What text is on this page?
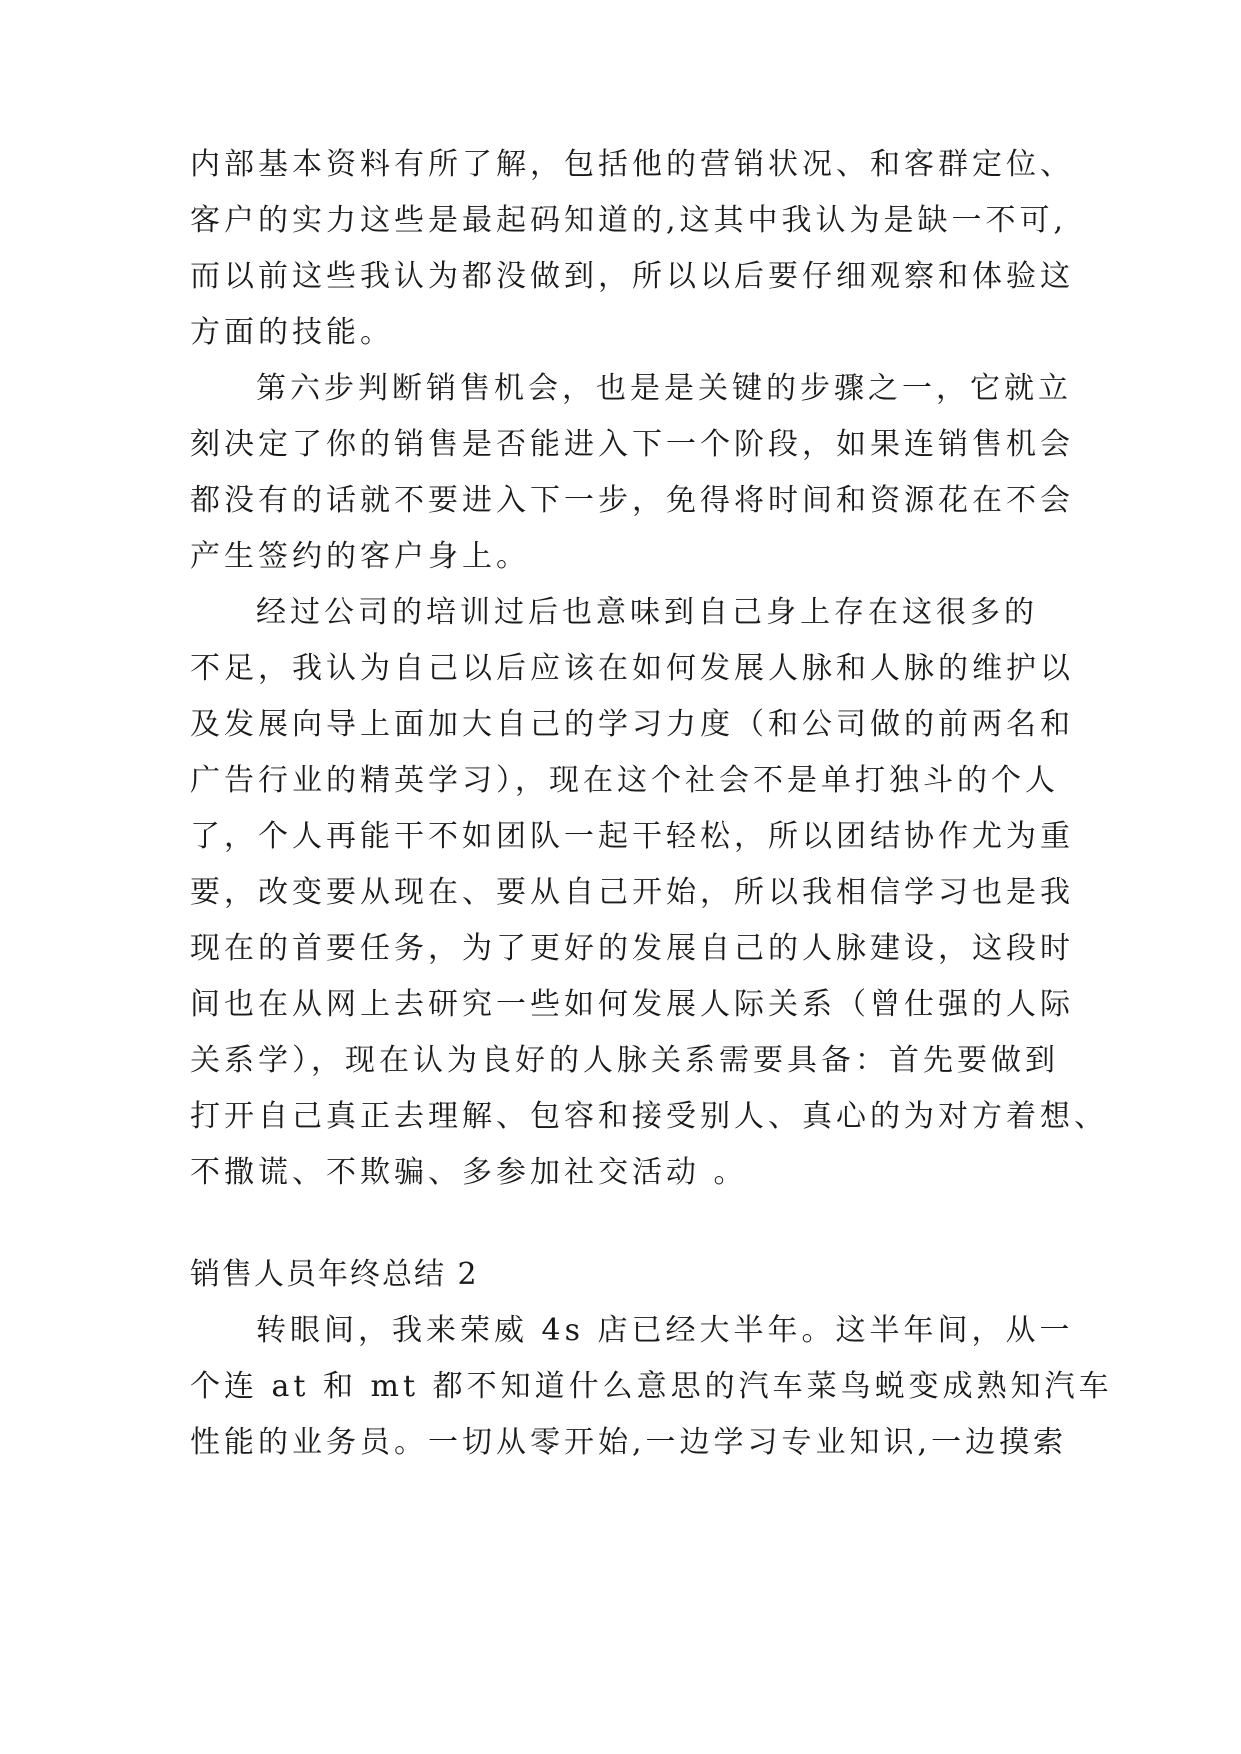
内部基本资料有所了解，包括他的营销状况、和客群定位、
客户的实力这些是最起码知道的,这其中我认为是缺一不可,
而以前这些我认为都没做到，所以以后要仔细观察和体验这
方面的技能。
第六步判断销售机会，也是是关键的步骤之一，它就立
刻决定了你的销售是否能进入下一个阶段，如果连销售机会
都没有的话就不要进入下一步，免得将时间和资源花在不会
产生签约的客户身上。
经过公司的培训过后也意味到自己身上存在这很多的
不足，我认为自己以后应该在如何发展人脉和人脉的维护以
及发展向导上面加大自己的学习力度（和公司做的前两名和
广告行业的精英学习），现在这个社会不是单打独斗的个人
了，个人再能干不如团队一起干轻松，所以团结协作尤为重
要，改变要从现在、要从自己开始，所以我相信学习也是我
现在的首要任务，为了更好的发展自己的人脉建设，这段时
间也在从网上去研究一些如何发展人际关系（曾仕强的人际
关系学），现在认为良好的人脉关系需要具备：首先要做到
打开自己真正去理解、包容和接受别人、真心的为对方着想、
不撒谎、不欺骗、多参加社交活动 。
销售人员年终总结 2
转眼间，我来荣威 4s 店已经大半年。这半年间，从一
个连 at 和 mt 都不知道什么意思的汽车菜鸟蜕变成熟知汽车
性能的业务员。一切从零开始,一边学习专业知识,一边摸索
